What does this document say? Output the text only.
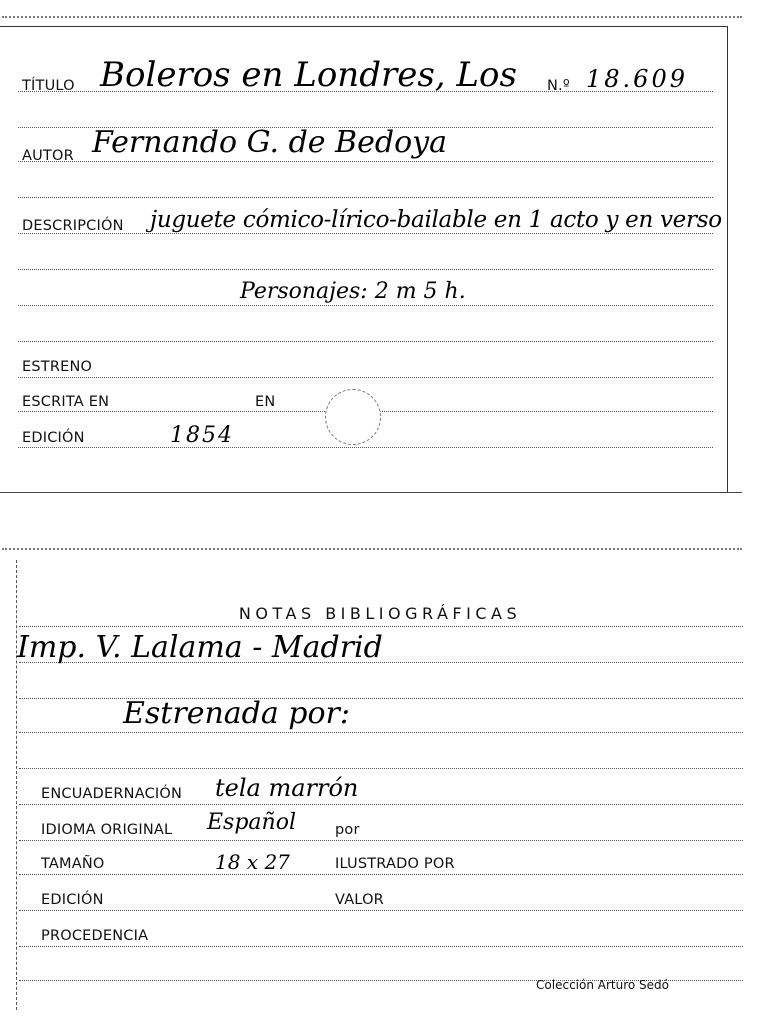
TÍTULO Boleros en Londres, Los N.º 18.609
AUTOR Fernando G. de Bedoya
DESCRIPCIÓN juguete cómico-lírico-bailable en 1 acto y en verso
Personajes: 2 m 5 h.
ESTRENO
ESCRITA EN	EN
EDICIÓN	1854
NOTAS BIBLIOGRÁFICAS
Imp. V. Lalama - Madrid
Estrenada por:
ENCUADERNACIÓN tela marrón
IDIOMA ORIGINAL Español	por
TAMAÑO	18 x 27	ILUSTRADO POR
EDICIÓN	VALOR
PROCEDENCIA
Colección Arturo Sedó
